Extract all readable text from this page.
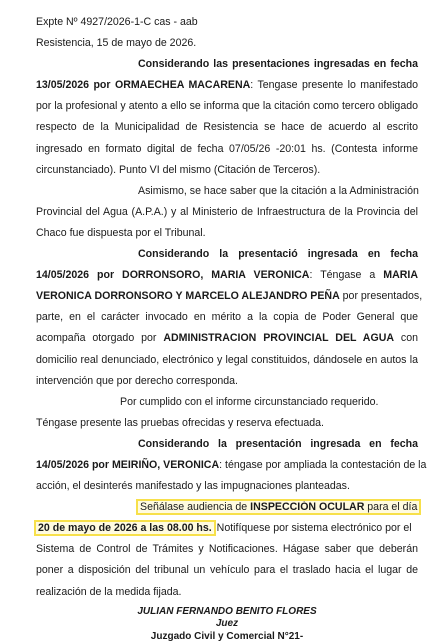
Expte Nº 4927/2026-1-C cas - aab
Resistencia, 15 de mayo de 2026.
Considerando las presentaciones ingresadas en fecha
13/05/2026 por ORMAECHEA MACARENA: Tengase presente lo manifestado
por la profesional y atento a ello se informa que la citación como tercero obligado
respecto de la Municipalidad de Resistencia se hace de acuerdo al escrito
ingresado en formato digital de fecha 07/05/26 -20:01 hs. (Contesta informe
circunstanciado). Punto VI del mismo (Citación de Terceros).
Asimismo, se hace saber que la citación a la Administración
Provincial del Agua (A.P.A.) y al Ministerio de Infraestructura de la Provincia del
Chaco fue dispuesta por el Tribunal.
Considerando la presentació ingresada en fecha
14/05/2026 por DORRONSORO, MARIA VERONICA: Téngase a MARIA
VERONICA DORRONSORO Y MARCELO ALEJANDRO PEÑA por presentados,
parte, en el carácter invocado en mérito a la copia de Poder General que
acompaña otorgado por ADMINISTRACION PROVINCIAL DEL AGUA con
domicilio real denunciado, electrónico y legal constituidos, dándosele en autos la
intervención que por derecho corresponda.
Por cumplido con el informe circunstanciado requerido.
Téngase presente las pruebas ofrecidas y reserva efectuada.
Considerando la presentación ingresada en fecha
14/05/2026 por MEIRIÑO, VERONICA: téngase por ampliada la contestación de la
acción, el desinterés manifestado y las impugnaciones planteadas.
Señálase audiencia de INSPECCIÓN OCULAR para el día
20 de mayo de 2026 a las 08.00 hs. Notifíquese por sistema electrónico por el
Sistema de Control de Trámites y Notificaciones. Hágase saber que deberán
poner a disposición del tribunal un vehículo para el traslado hacia el lugar de
realización de la medida fijada.
JULIAN FERNANDO BENITO FLORES
Juez
Juzgado Civil y Comercial N°21-
